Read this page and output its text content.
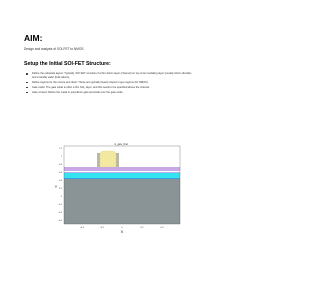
AIM:

Design and analysis of SOI-FET to NMOS.

Setup the Initial SOI-FET Structure:
Define the substrate layers: Typically, SOI-FET consists of a thin silicon layer (channel) on top of an insulating layer (usually silicon dioxide) and a handle wafer (bulk silicon).
Define regions for the source and drain: These are typically heavily doped n-type regions (for NMOS).
Gate oxide: The gate oxide is often a thin SiO₂ layer, and this needs to be specified above the channel.
Gate contact: Define the metal or polysilicon gate electrode over the gate oxide.
m_gate_final
1.2
1
0.8
0.6
0.4
0.2
0
-0.2
-0.4
-0.6
Y
-0.4	-0.2	0	0.2	0.4
X
